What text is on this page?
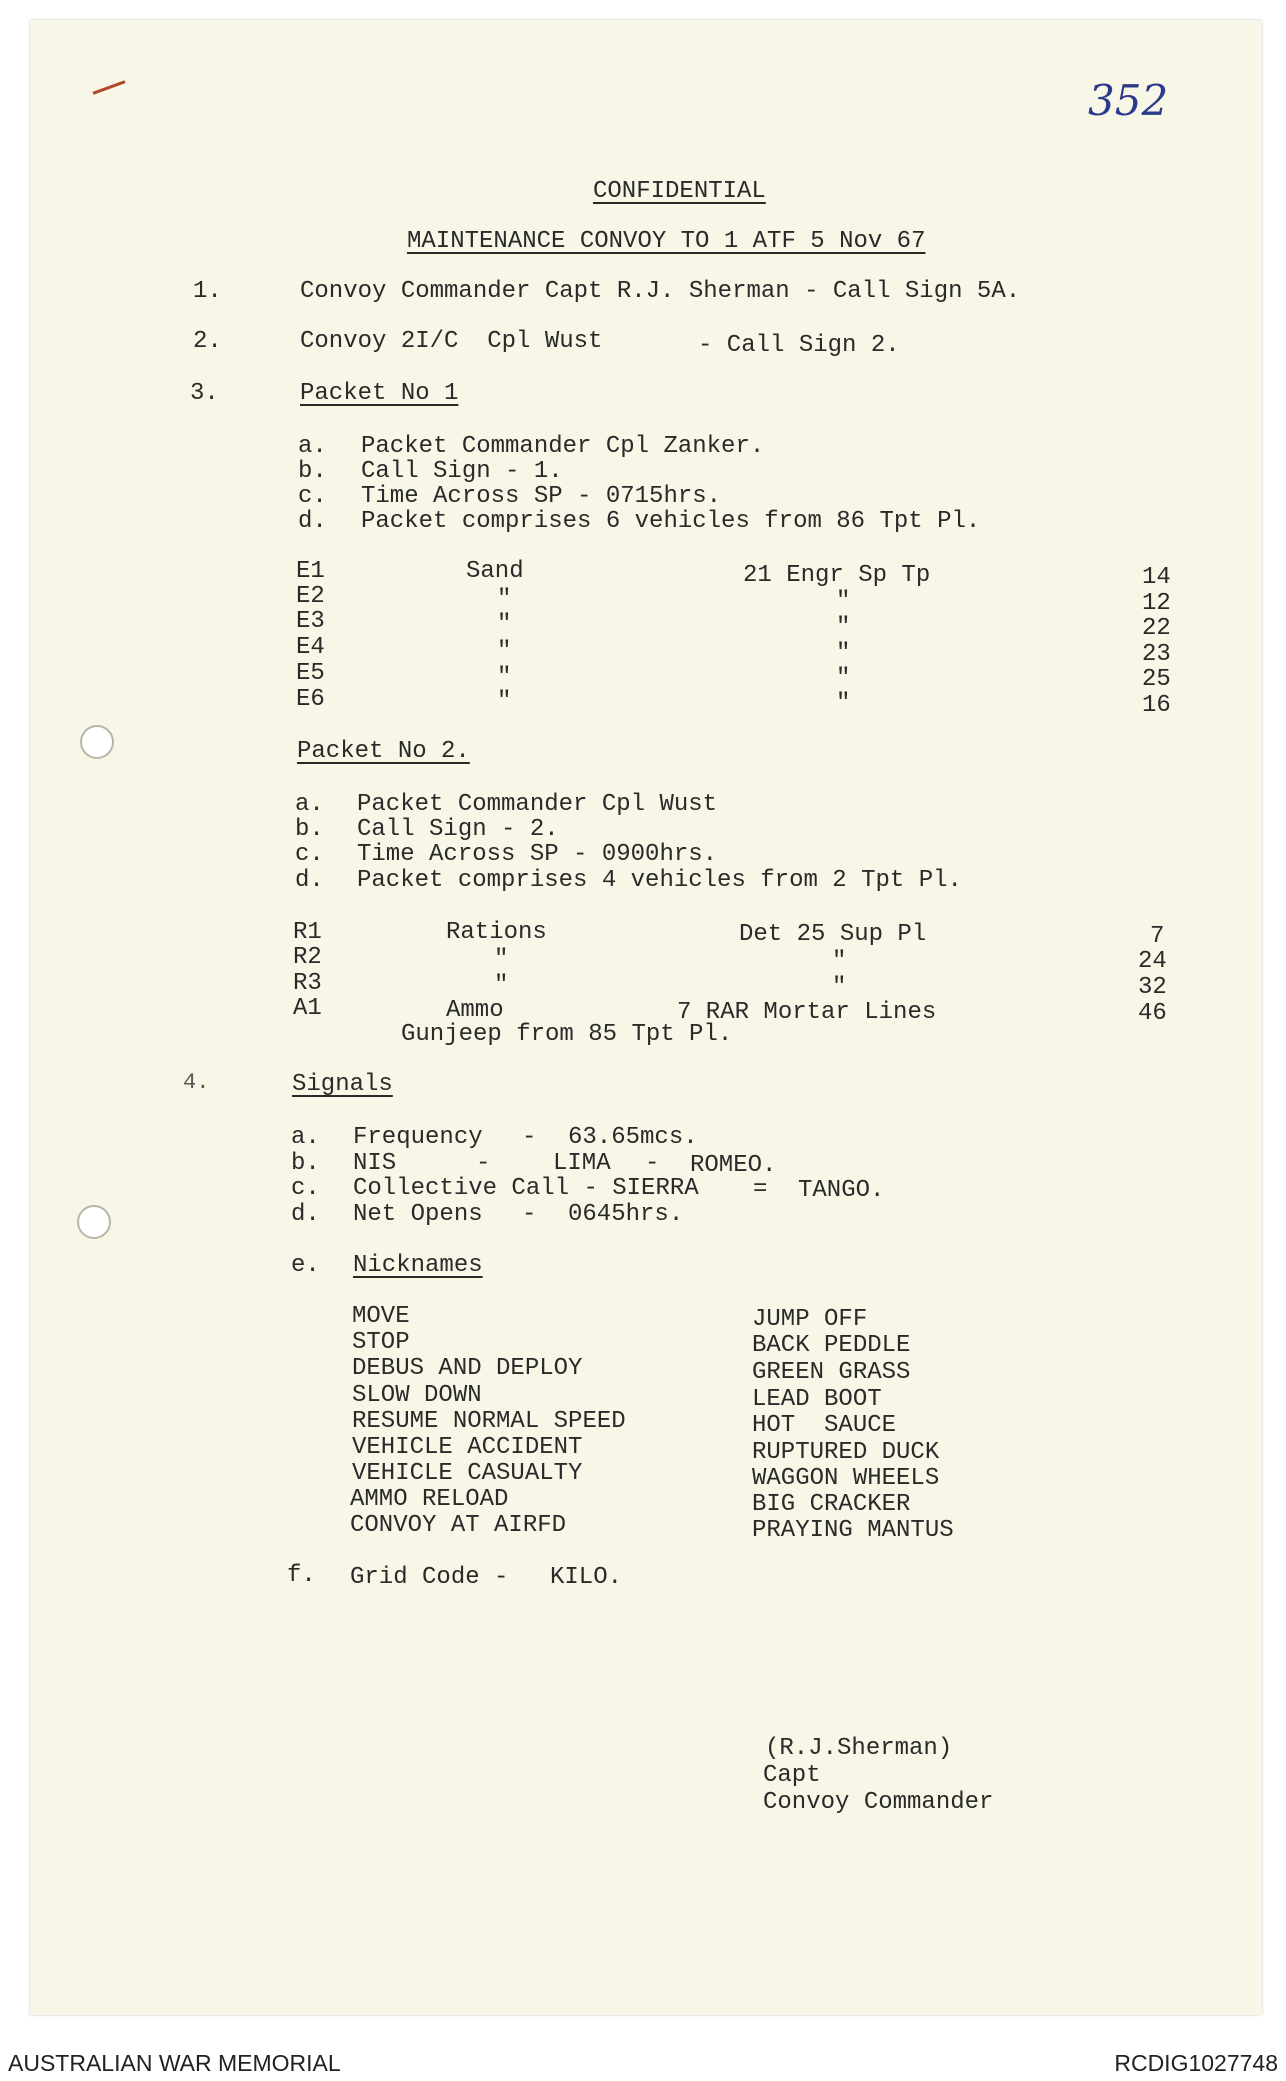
352
CONFIDENTIAL
MAINTENANCE CONVOY TO 1 ATF 5 Nov 67
1.	Convoy Commander Capt R.J. Sherman - Call Sign 5A.
2.	Convoy 2I/C  Cpl Wust	- Call Sign 2.
3.	Packet No 1
a. Packet Commander Cpl Zanker.
b. Call Sign - 1.
c. Time Across SP - 0715hrs.
d. Packet comprises 6 vehicles from 86 Tpt Pl.
E1	Sand	21 Engr Sp Tp	14
E2	"	"	12
E3	"	"	22
E4	"	"	23
E5	"	"	25
E6	"	"	16
Packet No 2.
a. Packet Commander Cpl Wust
b. Call Sign - 2.
c. Time Across SP - 0900hrs.
d. Packet comprises 4 vehicles from 2 Tpt Pl.
R1	Rations	Det 25 Sup Pl	7
R2	"	"	24
R3	"	"	32
A1	Ammo	7 RAR Mortar Lines	46
Gunjeep from 85 Tpt Pl.
4.	Signals
a. Frequency - 63.65mcs.
b. NIS	-	LIMA - ROMEO.
c. Collective Call - SIERRA = TANGO.
d. Net Opens - 0645hrs.
e. Nicknames
MOVE	JUMP OFF
STOP	BACK PEDDLE
DEBUS AND DEPLOY	GREEN GRASS
SLOW DOWN	LEAD BOOT
RESUME NORMAL SPEED	HOT  SAUCE
VEHICLE ACCIDENT	RUPTURED DUCK
VEHICLE CASUALTY	WAGGON WHEELS
AMMO RELOAD	BIG CRACKER
CONVOY AT AIRFD	PRAYING MANTUS
f. Grid Code - KILO.
(R.J.Sherman)
Capt
Convoy Commander
AUSTRALIAN WAR MEMORIAL	RCDIG1027748
